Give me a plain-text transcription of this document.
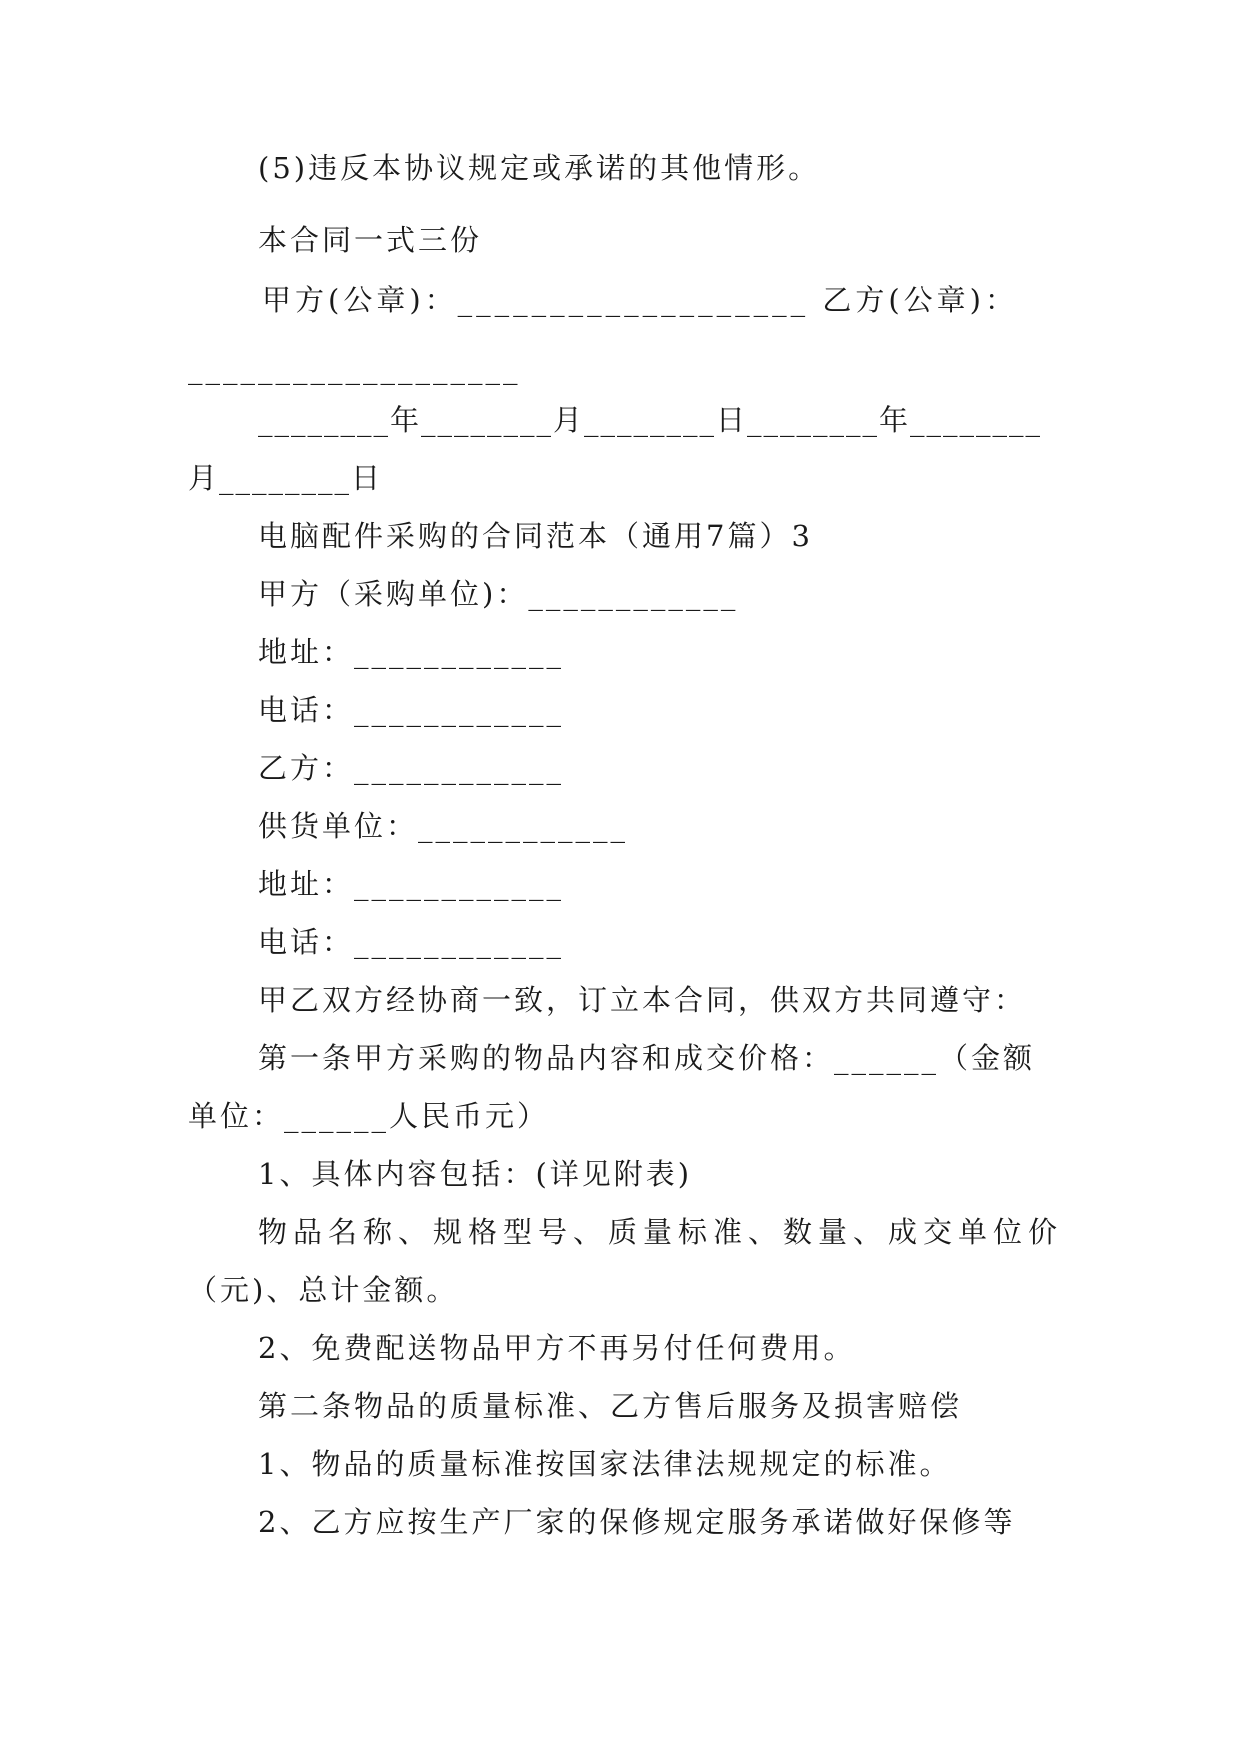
(5)违反本协议规定或承诺的其他情形。
本合同一式三份
甲方(公章)：___________________ 乙方(公章)：
___________________
________年________月________日________年________
月________日
电脑配件采购的合同范本（通用7篇）3
甲方（采购单位)：____________
地址：____________
电话：____________
乙方：____________
供货单位：____________
地址：____________
电话：____________
甲乙双方经协商一致，订立本合同，供双方共同遵守：
第一条甲方采购的物品内容和成交价格：______（金额
单位：______人民币元）
1、具体内容包括：(详见附表)
物品名称、规格型号、质量标准、数量、成交单位价
（元)、总计金额。
2、免费配送物品甲方不再另付任何费用。
第二条物品的质量标准、乙方售后服务及损害赔偿
1、物品的质量标准按国家法律法规规定的标准。
2、乙方应按生产厂家的保修规定服务承诺做好保修等
